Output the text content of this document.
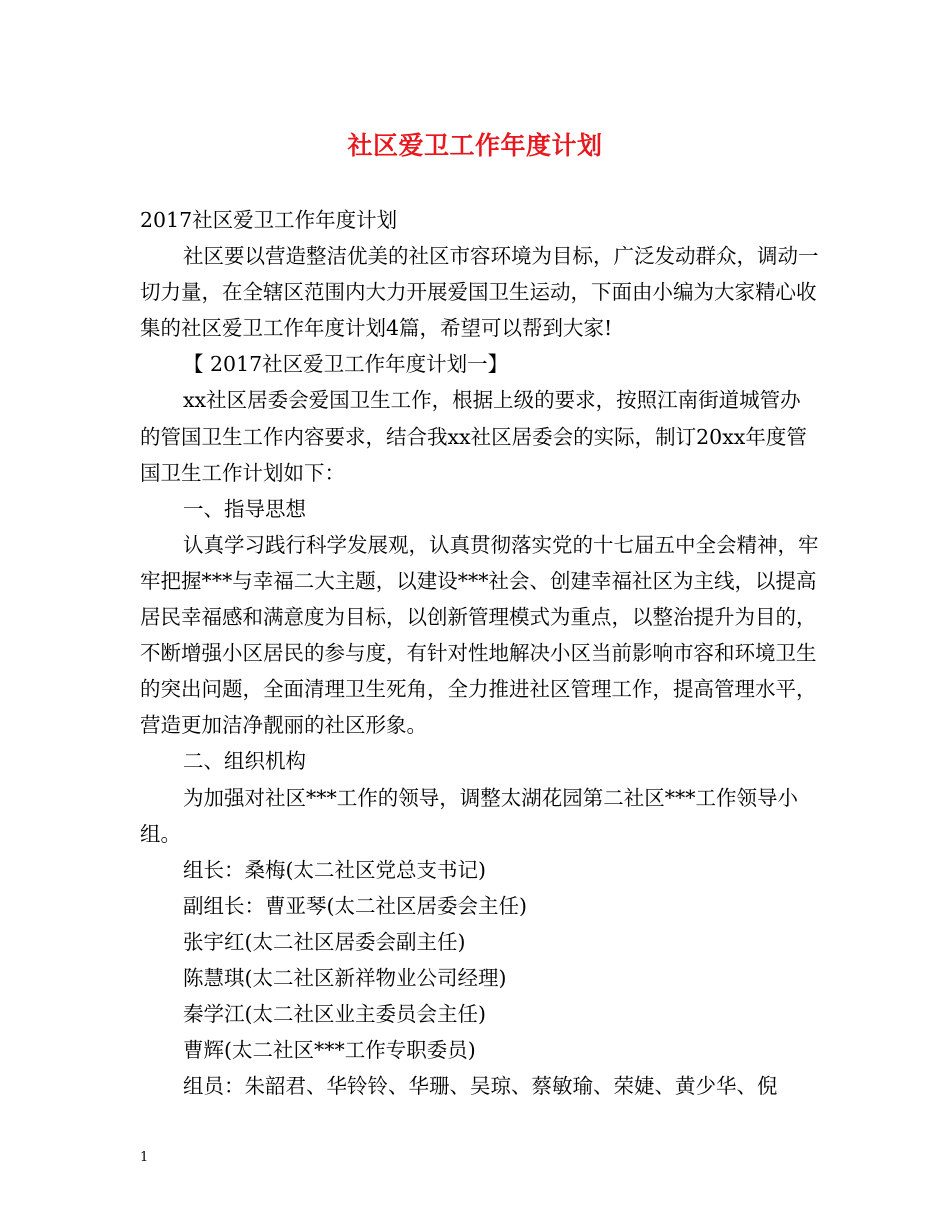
社区爱卫工作年度计划

2017社区爱卫工作年度计划

社区要以营造整洁优美的社区市容环境为目标，广泛发动群众，调动一切力量，在全辖区范围内大力开展爱国卫生运动，下面由小编为大家精心收集的社区爱卫工作年度计划4篇，希望可以帮到大家!

【 2017社区爱卫工作年度计划一】

xx社区居委会爱国卫生工作，根据上级的要求，按照江南街道城管办的管国卫生工作内容要求，结合我xx社区居委会的实际，制订20xx年度管国卫生工作计划如下：

一、指导思想

认真学习践行科学发展观，认真贯彻落实党的十七届五中全会精神，牢牢把握***与幸福二大主题，以建设***社会、创建幸福社区为主线，以提高居民幸福感和满意度为目标，以创新管理模式为重点，以整治提升为目的，不断增强小区居民的参与度，有针对性地解决小区当前影响市容和环境卫生的突出问题，全面清理卫生死角，全力推进社区管理工作，提高管理水平，营造更加洁净靓丽的社区形象。

二、组织机构

为加强对社区***工作的领导，调整太湖花园第二社区***工作领导小组。

组长：桑梅(太二社区党总支书记)

副组长：曹亚琴(太二社区居委会主任)

张宇红(太二社区居委会副主任)

陈慧琪(太二社区新祥物业公司经理)

秦学江(太二社区业主委员会主任)

曹辉(太二社区***工作专职委员)

组员：朱韶君、华铃铃、华珊、吴琼、蔡敏瑜、荣婕、黄少华、倪

1
